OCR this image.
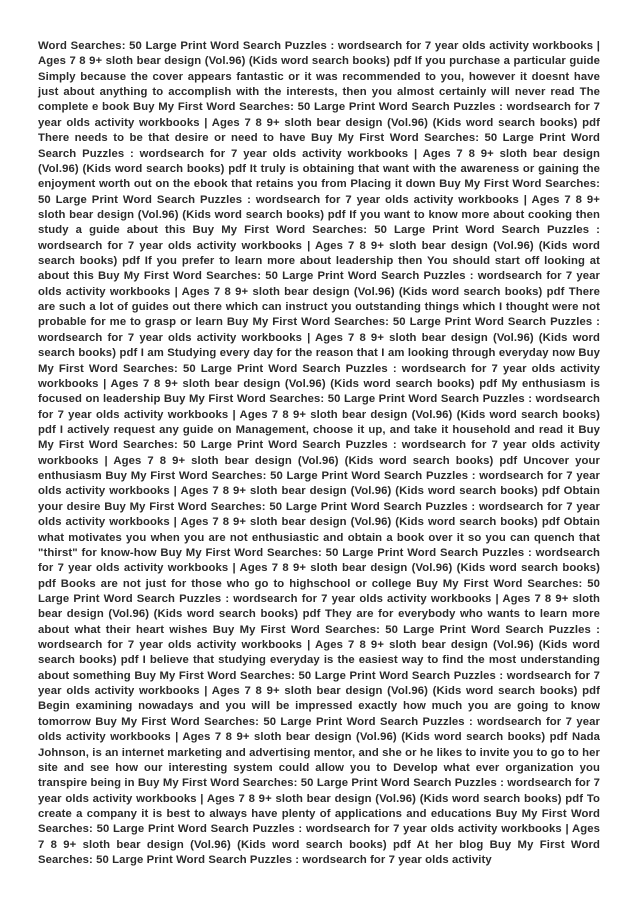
Word Searches: 50 Large Print Word Search Puzzles : wordsearch for 7 year olds activity workbooks | Ages 7 8 9+ sloth bear design (Vol.96) (Kids word search books) pdf If you purchase a particular guide Simply because the cover appears fantastic or it was recommended to you, however it doesnt have just about anything to accomplish with the interests, then you almost certainly will never read The complete e book Buy My First Word Searches: 50 Large Print Word Search Puzzles : wordsearch for 7 year olds activity workbooks | Ages 7 8 9+ sloth bear design (Vol.96) (Kids word search books) pdf There needs to be that desire or need to have Buy My First Word Searches: 50 Large Print Word Search Puzzles : wordsearch for 7 year olds activity workbooks | Ages 7 8 9+ sloth bear design (Vol.96) (Kids word search books) pdf It truly is obtaining that want with the awareness or gaining the enjoyment worth out on the ebook that retains you from Placing it down Buy My First Word Searches: 50 Large Print Word Search Puzzles : wordsearch for 7 year olds activity workbooks | Ages 7 8 9+ sloth bear design (Vol.96) (Kids word search books) pdf If you want to know more about cooking then study a guide about this Buy My First Word Searches: 50 Large Print Word Search Puzzles : wordsearch for 7 year olds activity workbooks | Ages 7 8 9+ sloth bear design (Vol.96) (Kids word search books) pdf If you prefer to learn more about leadership then You should start off looking at about this Buy My First Word Searches: 50 Large Print Word Search Puzzles : wordsearch for 7 year olds activity workbooks | Ages 7 8 9+ sloth bear design (Vol.96) (Kids word search books) pdf There are such a lot of guides out there which can instruct you outstanding things which I thought were not probable for me to grasp or learn Buy My First Word Searches: 50 Large Print Word Search Puzzles : wordsearch for 7 year olds activity workbooks | Ages 7 8 9+ sloth bear design (Vol.96) (Kids word search books) pdf I am Studying every day for the reason that I am looking through everyday now Buy My First Word Searches: 50 Large Print Word Search Puzzles : wordsearch for 7 year olds activity workbooks | Ages 7 8 9+ sloth bear design (Vol.96) (Kids word search books) pdf My enthusiasm is focused on leadership Buy My First Word Searches: 50 Large Print Word Search Puzzles : wordsearch for 7 year olds activity workbooks | Ages 7 8 9+ sloth bear design (Vol.96) (Kids word search books) pdf I actively request any guide on Management, choose it up, and take it household and read it Buy My First Word Searches: 50 Large Print Word Search Puzzles : wordsearch for 7 year olds activity workbooks | Ages 7 8 9+ sloth bear design (Vol.96) (Kids word search books) pdf Uncover your enthusiasm Buy My First Word Searches: 50 Large Print Word Search Puzzles : wordsearch for 7 year olds activity workbooks | Ages 7 8 9+ sloth bear design (Vol.96) (Kids word search books) pdf Obtain your desire Buy My First Word Searches: 50 Large Print Word Search Puzzles : wordsearch for 7 year olds activity workbooks | Ages 7 8 9+ sloth bear design (Vol.96) (Kids word search books) pdf Obtain what motivates you when you are not enthusiastic and obtain a book over it so you can quench that "thirst" for know-how Buy My First Word Searches: 50 Large Print Word Search Puzzles : wordsearch for 7 year olds activity workbooks | Ages 7 8 9+ sloth bear design (Vol.96) (Kids word search books) pdf Books are not just for those who go to highschool or college Buy My First Word Searches: 50 Large Print Word Search Puzzles : wordsearch for 7 year olds activity workbooks | Ages 7 8 9+ sloth bear design (Vol.96) (Kids word search books) pdf They are for everybody who wants to learn more about what their heart wishes Buy My First Word Searches: 50 Large Print Word Search Puzzles : wordsearch for 7 year olds activity workbooks | Ages 7 8 9+ sloth bear design (Vol.96) (Kids word search books) pdf I believe that studying everyday is the easiest way to find the most understanding about something Buy My First Word Searches: 50 Large Print Word Search Puzzles : wordsearch for 7 year olds activity workbooks | Ages 7 8 9+ sloth bear design (Vol.96) (Kids word search books) pdf Begin examining nowadays and you will be impressed exactly how much you are going to know tomorrow Buy My First Word Searches: 50 Large Print Word Search Puzzles : wordsearch for 7 year olds activity workbooks | Ages 7 8 9+ sloth bear design (Vol.96) (Kids word search books) pdf Nada Johnson, is an internet marketing and advertising mentor, and she or he likes to invite you to go to her site and see how our interesting system could allow you to Develop what ever organization you transpire being in Buy My First Word Searches: 50 Large Print Word Search Puzzles : wordsearch for 7 year olds activity workbooks | Ages 7 8 9+ sloth bear design (Vol.96) (Kids word search books) pdf To create a company it is best to always have plenty of applications and educations Buy My First Word Searches: 50 Large Print Word Search Puzzles : wordsearch for 7 year olds activity workbooks | Ages 7 8 9+ sloth bear design (Vol.96) (Kids word search books) pdf At her blog Buy My First Word Searches: 50 Large Print Word Search Puzzles : wordsearch for 7 year olds activity
